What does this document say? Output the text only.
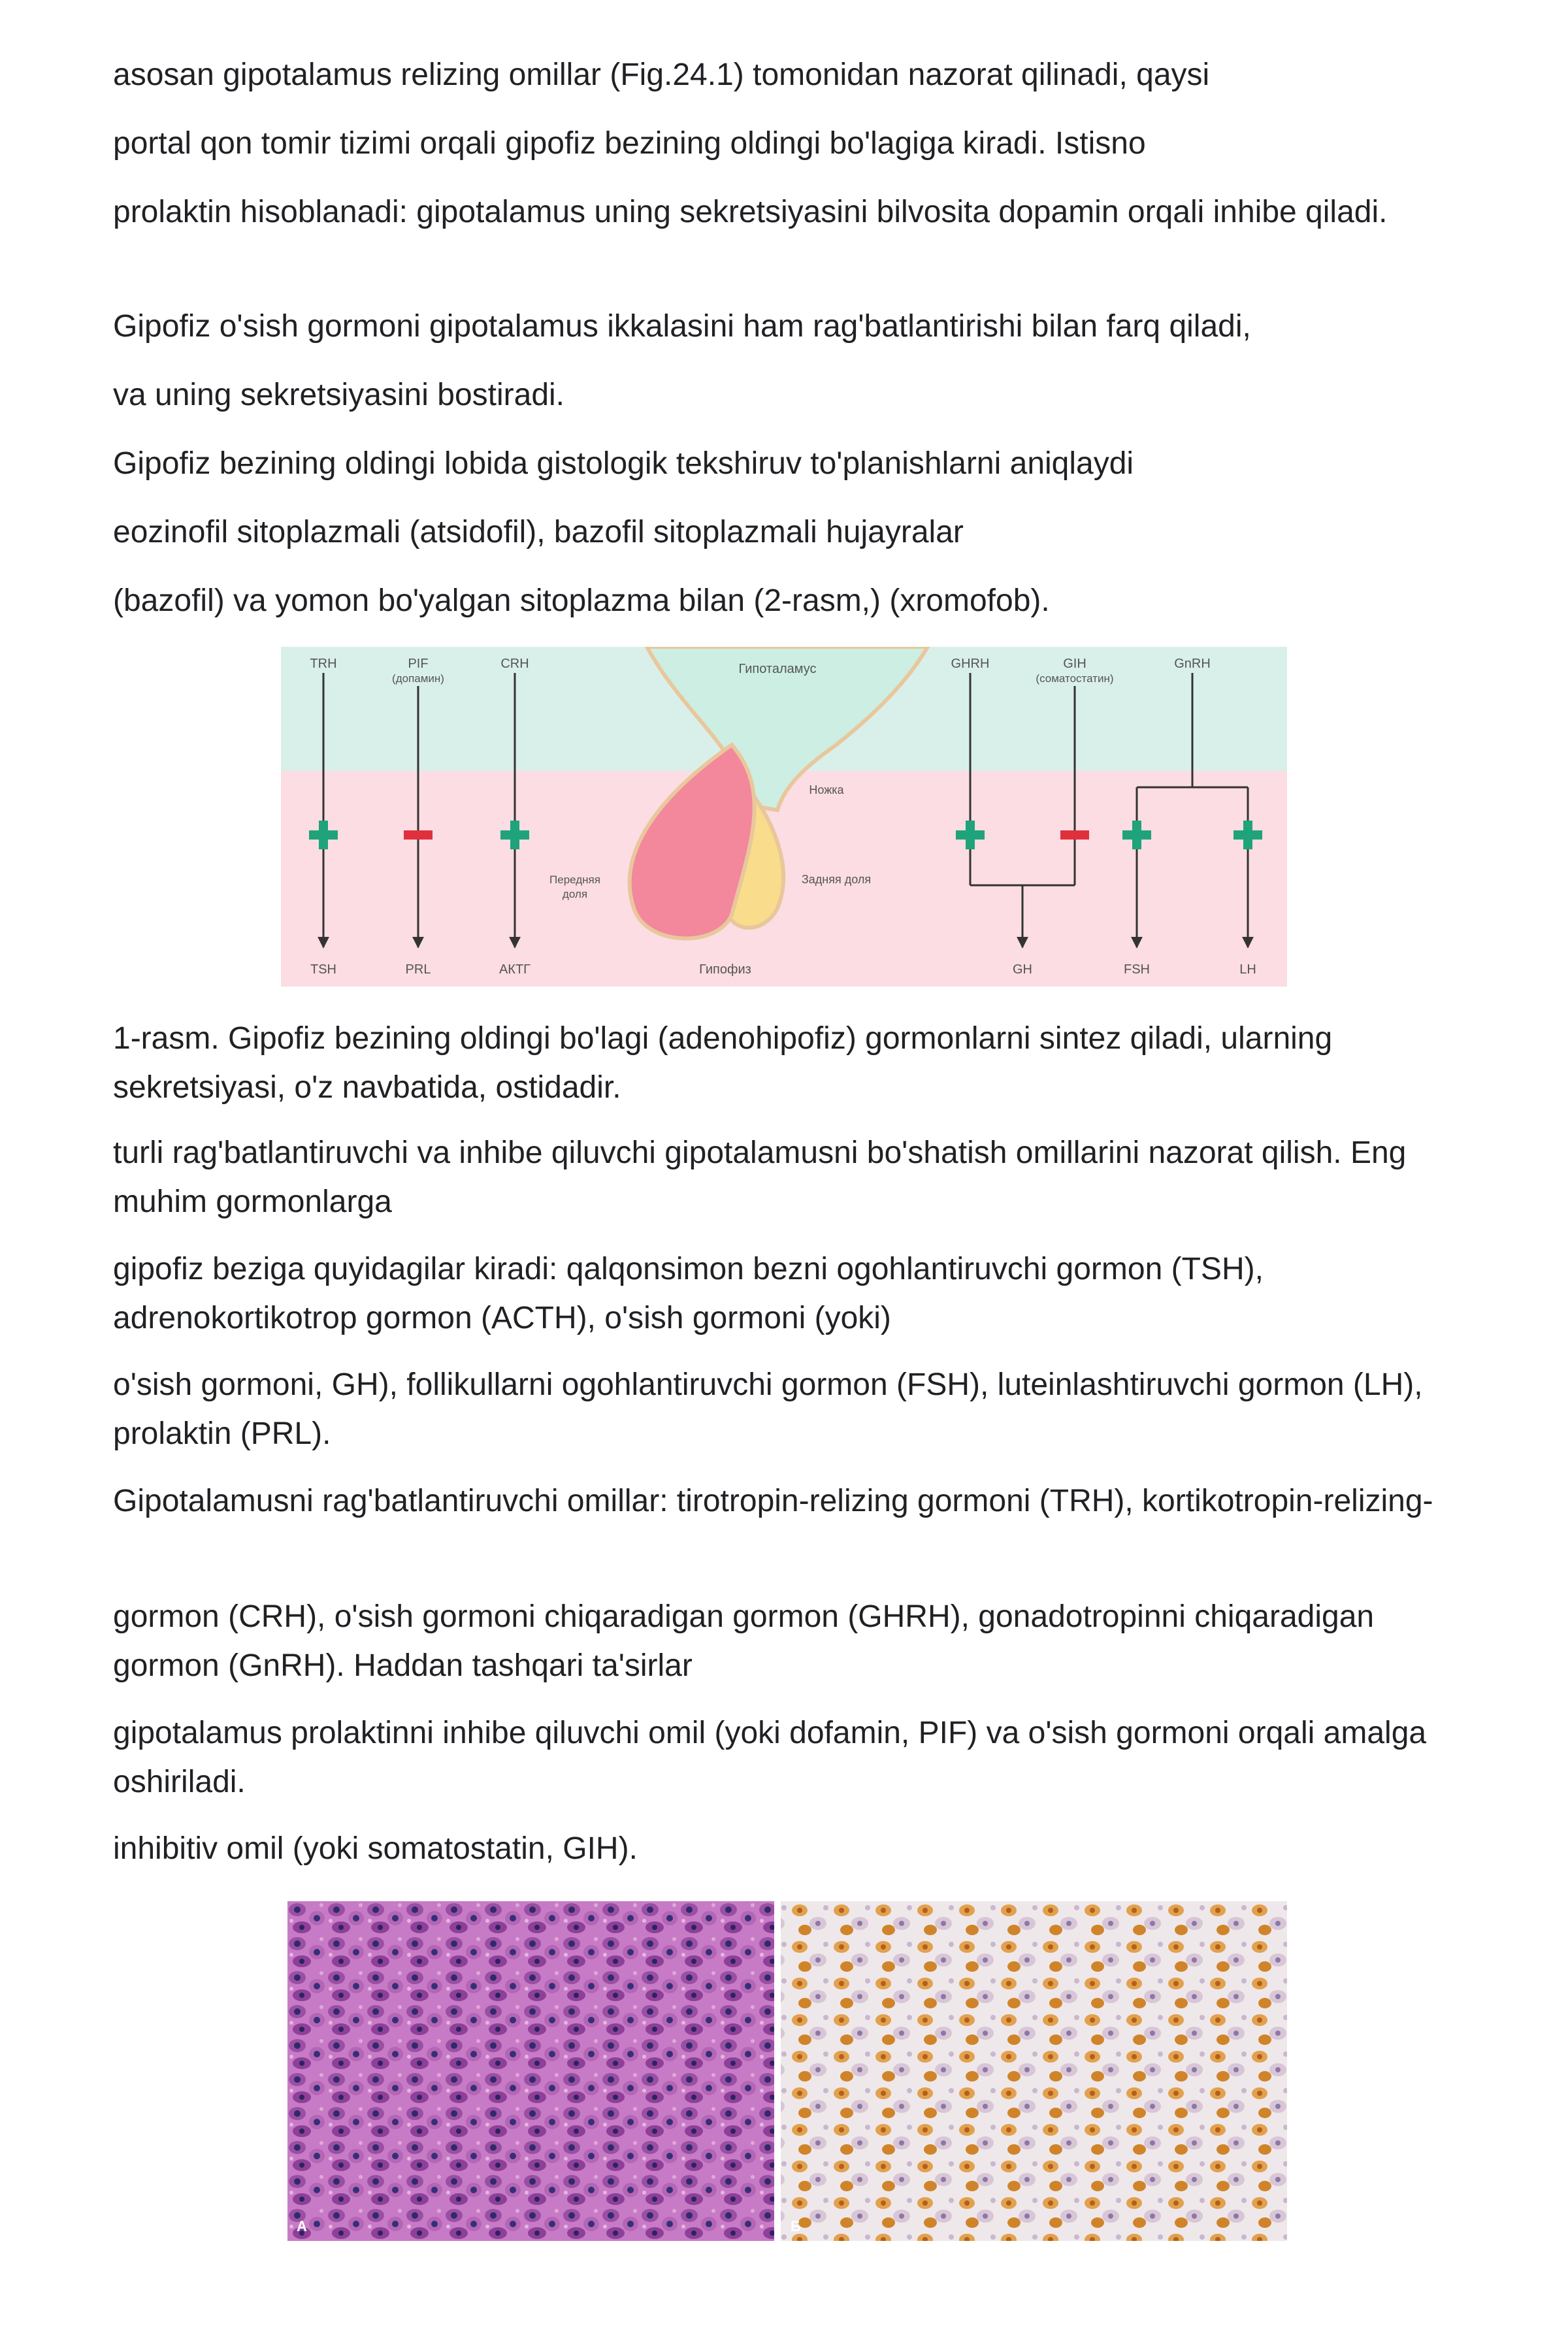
asosan gipotalamus relizing omillar (Fig.24.1) tomonidan nazorat qilinadi, qaysi

portal qon tomir tizimi orqali gipofiz bezining oldingi bo'lagiga kiradi. Istisno

prolaktin hisoblanadi: gipotalamus uning sekretsiyasini bilvosita dopamin orqali inhibe qiladi.

Gipofiz o'sish gormoni gipotalamus ikkalasini ham rag'batlantirishi bilan farq qiladi,

va uning sekretsiyasini bostiradi.

Gipofiz bezining oldingi lobida gistologik tekshiruv to'planishlarni aniqlaydi

eozinofil sitoplazmali (atsidofil), bazofil sitoplazmali hujayralar

(bazofil) va yomon bo'yalgan sitoplazma bilan (2-rasm,) (xromofob).

TRH	PIF
(допамин)
CRH	Гипоталамус	GHRH	GIH
(соматостатин)
GnRH
Ножка
Передняя
доля
Задняя доля
TSH	PRL	АКТГ	Гипофиз	GH	FSH	LH

1-rasm. Gipofiz bezining oldingi bo'lagi (adenohipofiz) gormonlarni sintez qiladi, ularning sekretsiyasi, o'z navbatida, ostidadir.

turli rag'batlantiruvchi va inhibe qiluvchi gipotalamusni bo'shatish omillarini nazorat qilish. Eng muhim gormonlarga

gipofiz beziga quyidagilar kiradi: qalqonsimon bezni ogohlantiruvchi gormon (TSH), adrenokortikotrop gormon (ACTH), o'sish gormoni (yoki)

o'sish gormoni, GH), follikullarni ogohlantiruvchi gormon (FSH), luteinlashtiruvchi gormon (LH), prolaktin (PRL).

Gipotalamusni rag'batlantiruvchi omillar: tirotropin-relizing gormoni (TRH), kortikotropin-relizing-

gormon (CRH), o'sish gormoni chiqaradigan gormon (GHRH), gonadotropinni chiqaradigan gormon (GnRH). Haddan tashqari ta'sirlar

gipotalamus prolaktinni inhibe qiluvchi omil (yoki dofamin, PIF) va o'sish gormoni orqali amalga oshiriladi.

inhibitiv omil (yoki somatostatin, GIH).

А	Б
